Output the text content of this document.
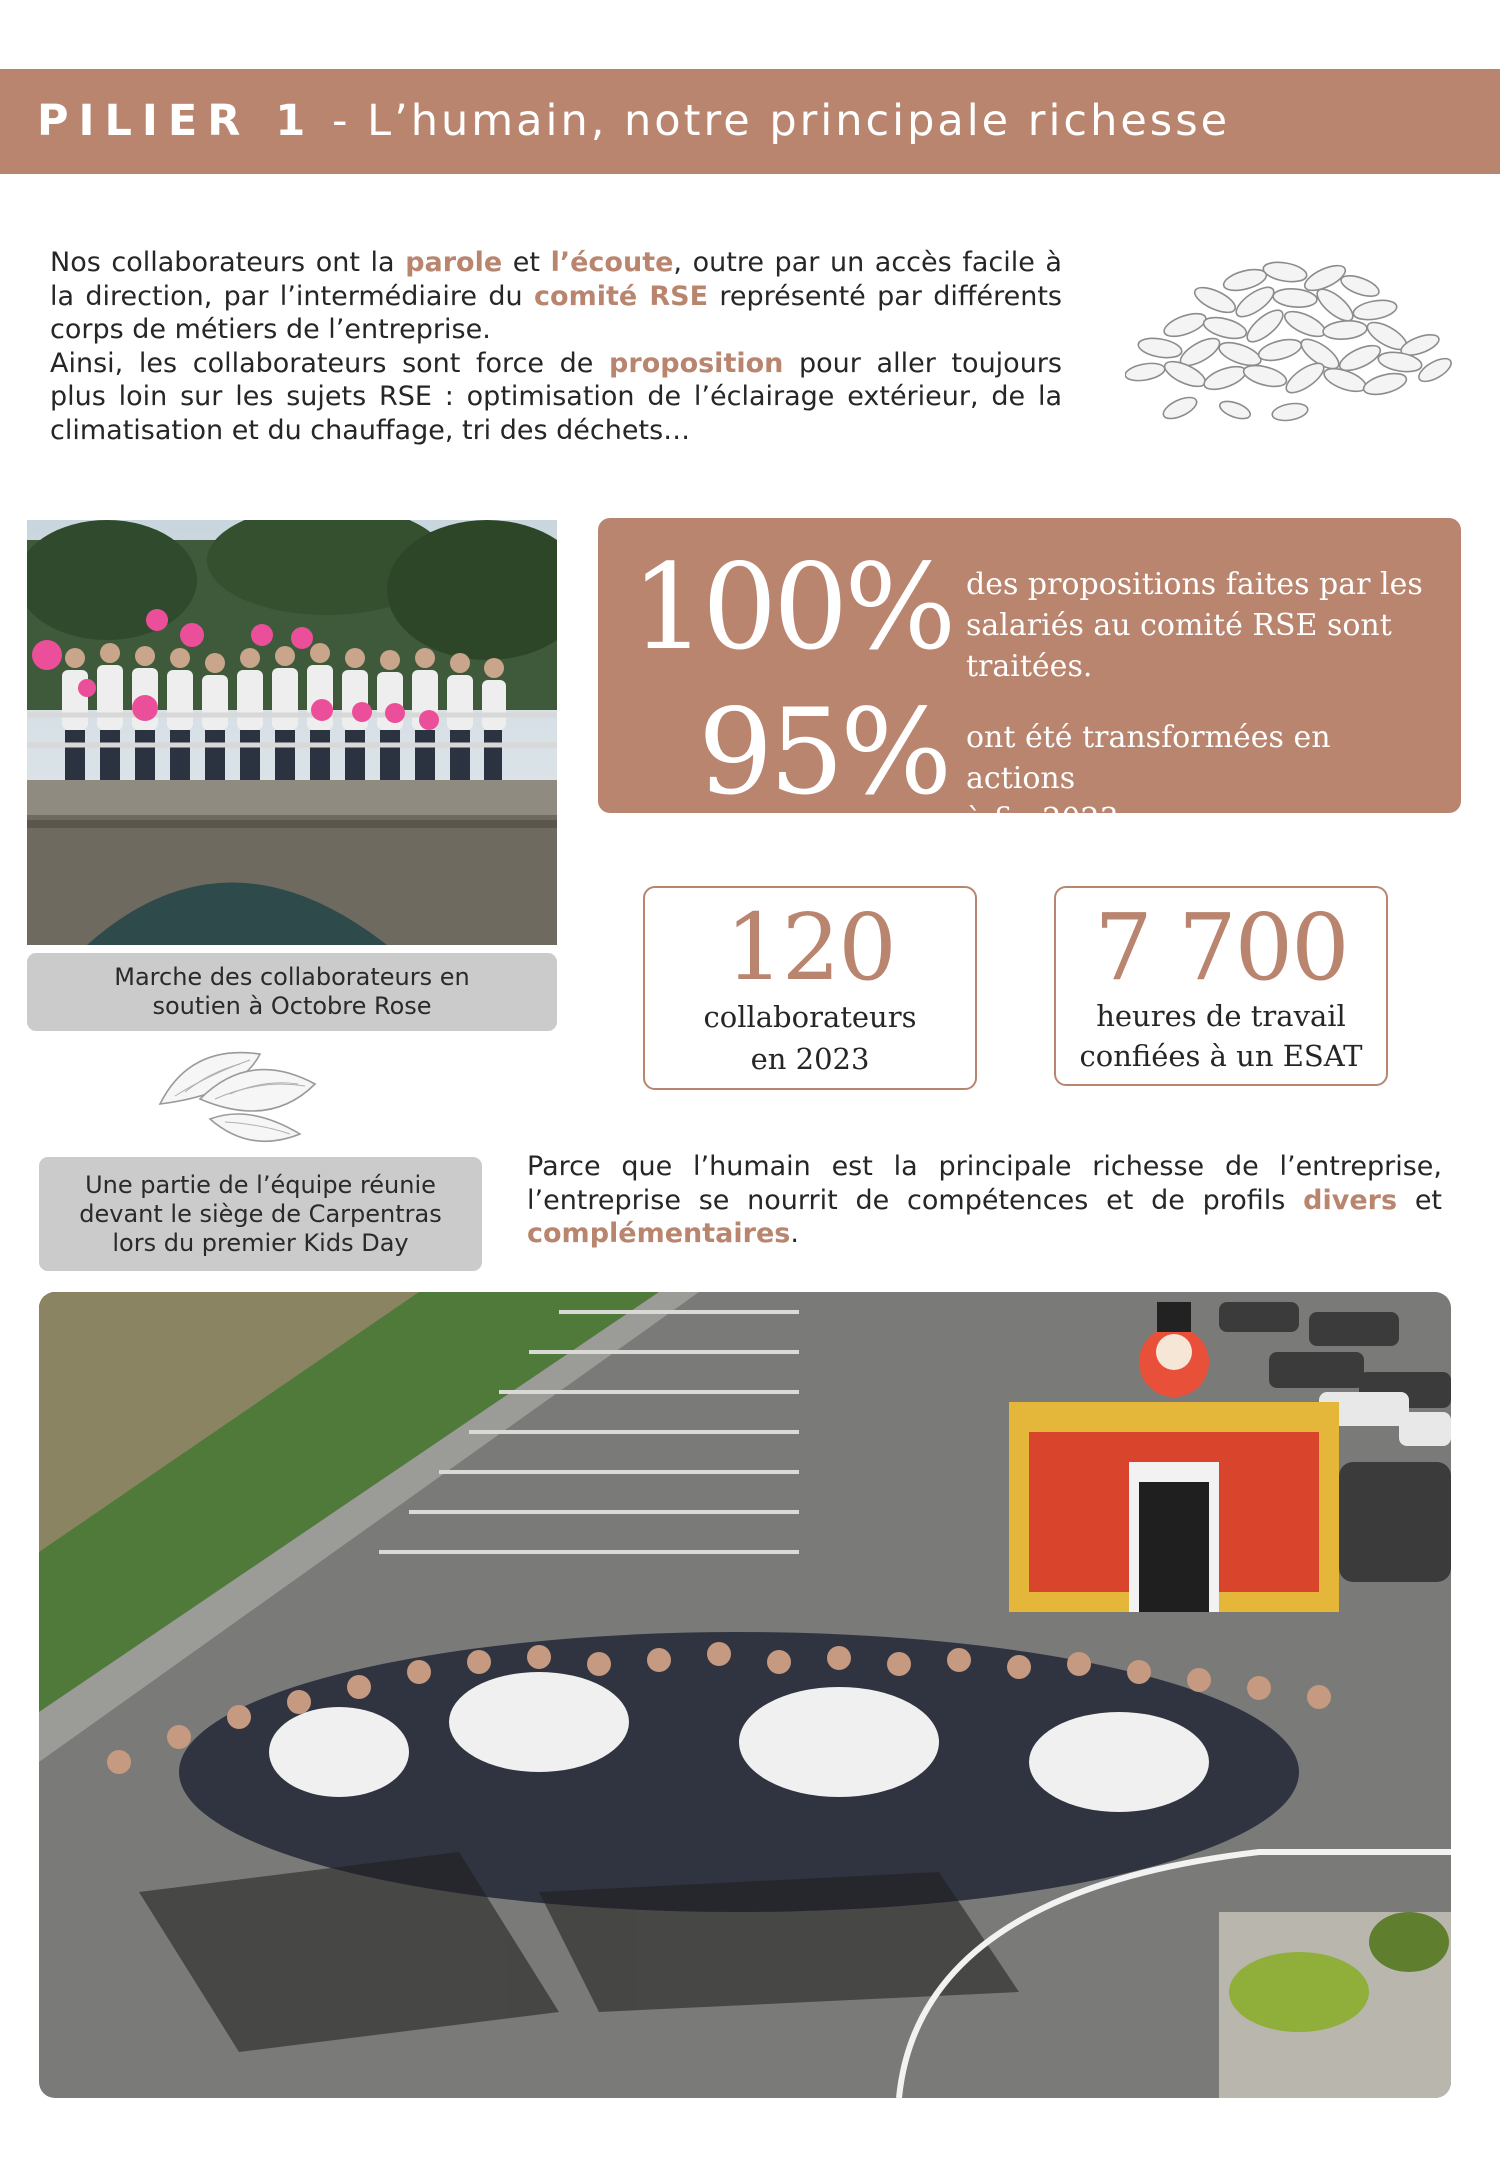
PILIER 1 - L’humain, notre principale richesse

Nos collaborateurs ont la parole et l’écoute, outre par un accès facile à la direction, par l’intermédiaire du comité RSE représenté par différents corps de métiers de l’entreprise.

Ainsi, les collaborateurs sont force de proposition pour aller toujours plus loin sur les sujets RSE : optimisation de l’éclairage extérieur, de la climatisation et du chauffage, tri des déchets…

Marche des collaborateurs en
soutien à Octobre Rose
100% des propositions faites par les
salariés au comité RSE sont
traitées.
95% ont été transformées en actions
à fin 2023.
120
collaborateurs
en 2023
7 700
heures de travail
confiées à un ESAT
Une partie de l’équipe réunie
devant le siège de Carpentras
lors du premier Kids Day
Parce que l’humain est la principale richesse de l’entreprise, l’entreprise se nourrit de compétences et de profils divers et complémentaires.
